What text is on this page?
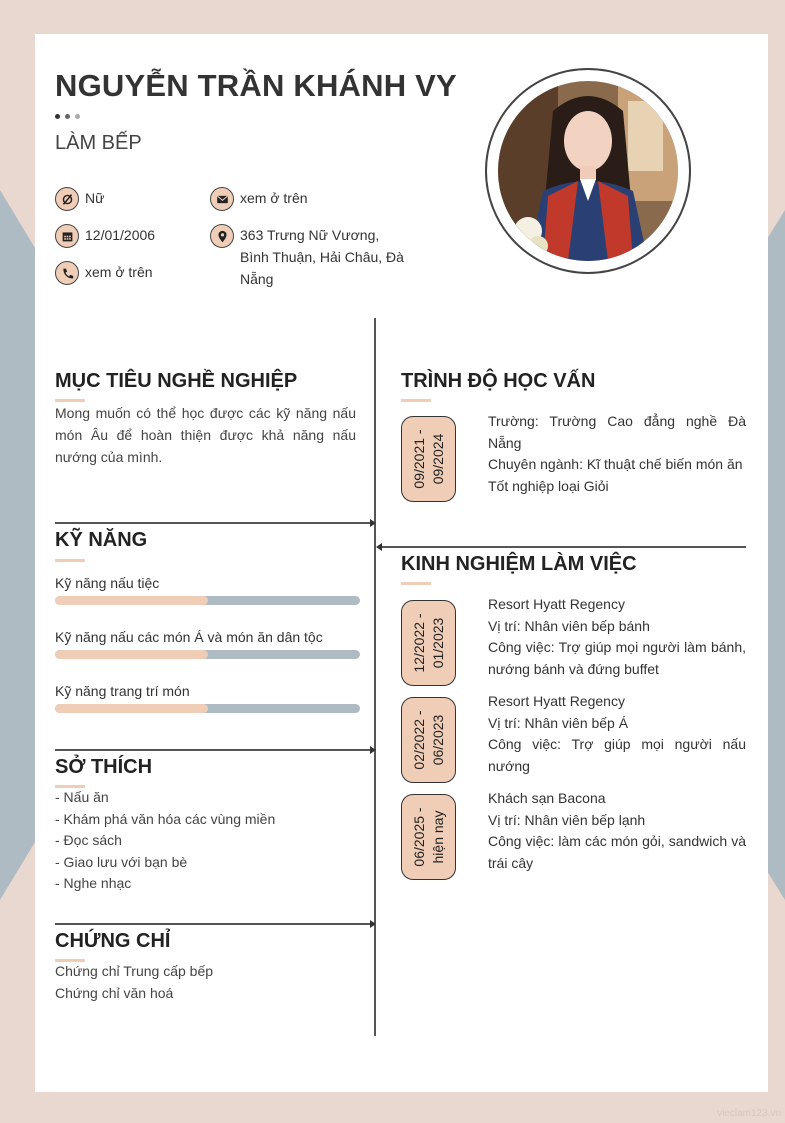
NGUYỄN TRẦN KHÁNH VY
LÀM BẾP
Nữ	xem ở trên
12/01/2006	363 Trưng Nữ Vương, Bình Thuận, Hải Châu, Đà Nẵng
xem ở trên
MỤC TIÊU NGHỀ NGHIỆP
Mong muốn có thể học được các kỹ năng nấu món Âu để hoàn thiện được khả năng nấu nướng của mình.
KỸ NĂNG
Kỹ năng nấu tiệc
Kỹ năng nấu các món Á và món ăn dân tộc
Kỹ năng trang trí món
SỞ THÍCH
- Nấu ăn
- Khám phá văn hóa các vùng miền
- Đọc sách
- Giao lưu với bạn bè
- Nghe nhạc
CHỨNG CHỈ
Chứng chỉ Trung cấp bếp
Chứng chỉ văn hoá
TRÌNH ĐỘ HỌC VẤN
09/2021 - 09/2024
Trường: Trường Cao đẳng nghề Đà Nẵng
Chuyên ngành: Kĩ thuật chế biến món ăn
Tốt nghiệp loại Giỏi
KINH NGHIỆM LÀM VIỆC
12/2022 - 01/2023
Resort Hyatt Regency
Vị trí: Nhân viên bếp bánh
Công việc: Trợ giúp mọi người làm bánh, nướng bánh và đứng buffet
02/2022 - 06/2023
Resort Hyatt Regency
Vị trí: Nhân viên bếp Á
Công việc: Trợ giúp mọi người nấu nướng
06/2025 - hiện nay
Khách sạn Bacona
Vị trí: Nhân viên bếp lạnh
Công việc: làm các món gỏi, sandwich và trái cây
vieclam123.vn
